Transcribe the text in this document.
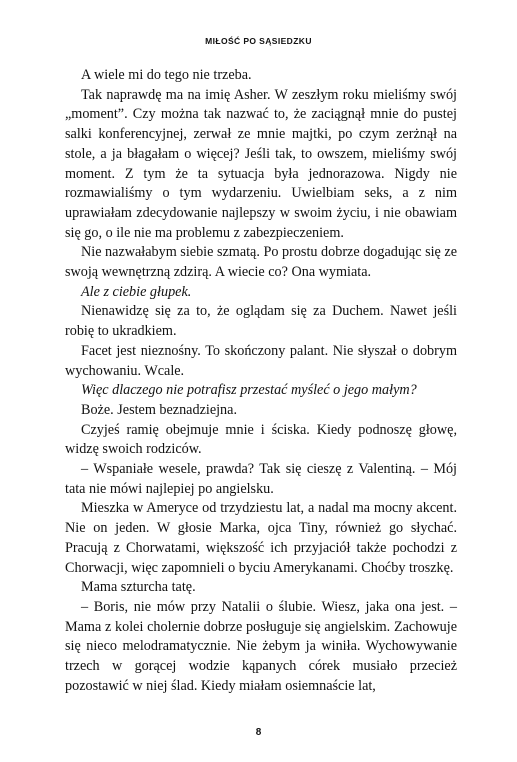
MIŁOŚĆ PO SĄSIEDZKU

A wiele mi do tego nie trzeba.

Tak naprawdę ma na imię Asher. W zeszłym roku mieliśmy swój „moment”. Czy można tak nazwać to, że zaciągnął mnie do pustej salki konferencyjnej, zerwał ze mnie majtki, po czym zerżnął na stole, a ja błagałam o więcej? Jeśli tak, to owszem, mieliśmy swój moment. Z tym że ta sytuacja była jednorazowa. Nigdy nie rozmawialiśmy o tym wydarzeniu. Uwielbiam seks, a z nim uprawiałam zdecydowanie najlepszy w swoim życiu, i nie obawiam się go, o ile nie ma problemu z zabezpieczeniem.

Nie nazwałabym siebie szmatą. Po prostu dobrze dogadując się ze swoją wewnętrzną zdzirą. A wiecie co? Ona wymiata.

Ale z ciebie głupek.

Nienawidzę się za to, że oglądam się za Duchem. Nawet jeśli robię to ukradkiem.

Facet jest nieznośny. To skończony palant. Nie słyszał o dobrym wychowaniu. Wcale.

Więc dlaczego nie potrafisz przestać myśleć o jego małym?

Boże. Jestem beznadziejna.

Czyjeś ramię obejmuje mnie i ściska. Kiedy podnoszę głowę, widzę swoich rodziców.

– Wspaniałe wesele, prawda? Tak się cieszę z Valentiną. – Mój tata nie mówi najlepiej po angielsku.

Mieszka w Ameryce od trzydziestu lat, a nadal ma mocny akcent. Nie on jeden. W głosie Marka, ojca Tiny, również go słychać. Pracują z Chorwatami, większość ich przyjaciół także pochodzi z Chorwacji, więc zapomnieli o byciu Amerykanami. Choćby troszkę.

Mama szturcha tatę.

– Boris, nie mów przy Natalii o ślubie. Wiesz, jaka ona jest. – Mama z kolei cholernie dobrze posługuje się angielskim. Zachowuje się nieco melodramatycznie. Nie żebym ja winiła. Wychowywanie trzech w gorącej wodzie kąpanych córek musiało przecież pozostawić w niej ślad. Kiedy miałam osiemnaście lat,

8
